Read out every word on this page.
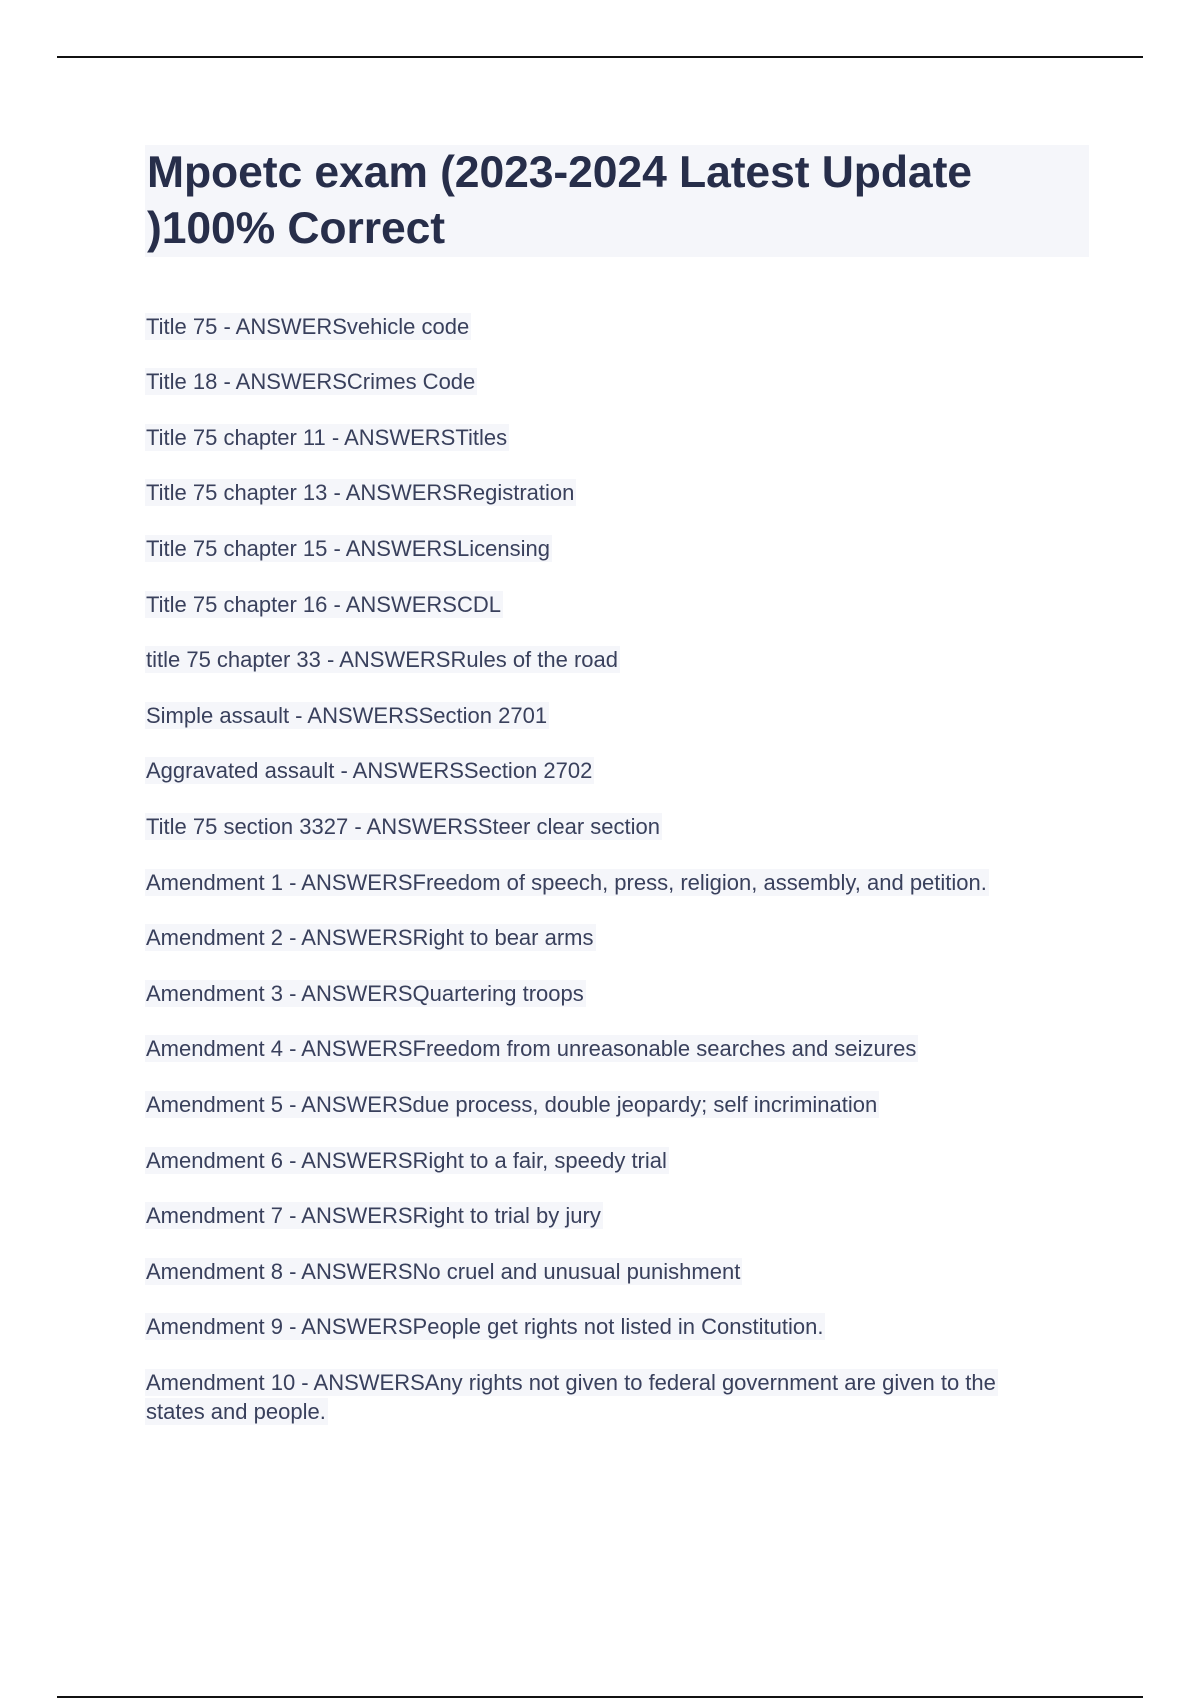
Mpoetc exam (2023-2024 Latest Update )100% Correct
Title 75 - ANSWERSvehicle code
Title 18 - ANSWERSCrimes Code
Title 75 chapter 11 - ANSWERSTitles
Title 75 chapter 13 - ANSWERSRegistration
Title 75 chapter 15 - ANSWERSLicensing
Title 75 chapter 16 - ANSWERSCDL
title 75 chapter 33 - ANSWERSRules of the road
Simple assault - ANSWERSSection 2701
Aggravated assault - ANSWERSSection 2702
Title 75 section 3327 - ANSWERSSteer clear section
Amendment 1 - ANSWERSFreedom of speech, press, religion, assembly, and petition.
Amendment 2 - ANSWERSRight to bear arms
Amendment 3 - ANSWERSQuartering troops
Amendment 4 - ANSWERSFreedom from unreasonable searches and seizures
Amendment 5 - ANSWERSdue process, double jeopardy; self incrimination
Amendment 6 - ANSWERSRight to a fair, speedy trial
Amendment 7 - ANSWERSRight to trial by jury
Amendment 8 - ANSWERSNo cruel and unusual punishment
Amendment 9 - ANSWERSPeople get rights not listed in Constitution.
Amendment 10 - ANSWERSAny rights not given to federal government are given to the
states and people.
